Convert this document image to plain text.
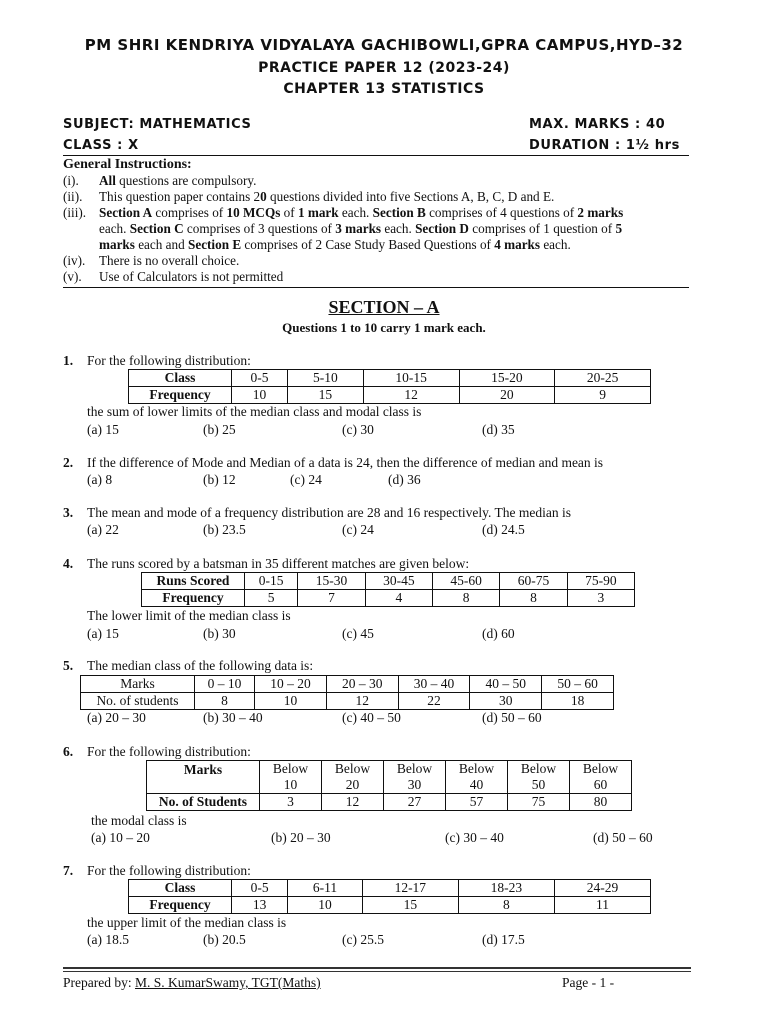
PM SHRI KENDRIYA VIDYALAYA GACHIBOWLI,GPRA CAMPUS,HYD–32
PRACTICE PAPER 12 (2023-24)
CHAPTER 13 STATISTICS
SUBJECT: MATHEMATICS	MAX. MARKS : 40
CLASS : X	DURATION : 1½ hrs
General Instructions:
(i). All questions are compulsory.
(ii). This question paper contains 20 questions divided into five Sections A, B, C, D and E.
(iii). Section A comprises of 10 MCQs of 1 mark each. Section B comprises of 4 questions of 2 marks
each. Section C comprises of 3 questions of 3 marks each. Section D comprises of 1 question of 5
marks each and Section E comprises of 2 Case Study Based Questions of 4 marks each.
(iv). There is no overall choice.
(v). Use of Calculators is not permitted
SECTION – A
Questions 1 to 10 carry 1 mark each.
1. For the following distribution:
Class	0-5	5-10	10-15	15-20	20-25
Frequency	10	15	12	20	9
the sum of lower limits of the median class and modal class is
(a) 15	(b) 25	(c) 30	(d) 35
2. If the difference of Mode and Median of a data is 24, then the difference of median and mean is
(a) 8	(b) 12	(c) 24	(d) 36
3. The mean and mode of a frequency distribution are 28 and 16 respectively. The median is
(a) 22	(b) 23.5	(c) 24	(d) 24.5
4. The runs scored by a batsman in 35 different matches are given below:
Runs Scored	0-15	15-30	30-45	45-60	60-75	75-90
Frequency	5	7	4	8	8	3
The lower limit of the median class is
(a) 15	(b) 30	(c) 45	(d) 60
5. The median class of the following data is:
Marks	0 – 10	10 – 20	20 – 30	30 – 40	40 – 50	50 – 60
No. of students	8	10	12	22	30	18
(a) 20 – 30	(b) 30 – 40	(c) 40 – 50	(d) 50 – 60
6. For the following distribution:
Marks	Below	Below	Below	Below	Below	Below
	10	20	30	40	50	60
No. of Students	3	12	27	57	75	80
the modal class is
(a) 10 – 20	(b) 20 – 30	(c) 30 – 40	(d) 50 – 60
7. For the following distribution:
Class	0-5	6-11	12-17	18-23	24-29
Frequency	13	10	15	8	11
the upper limit of the median class is
(a) 18.5	(b) 20.5	(c) 25.5	(d) 17.5
Prepared by: M. S. KumarSwamy, TGT(Maths)	Page - 1 -
